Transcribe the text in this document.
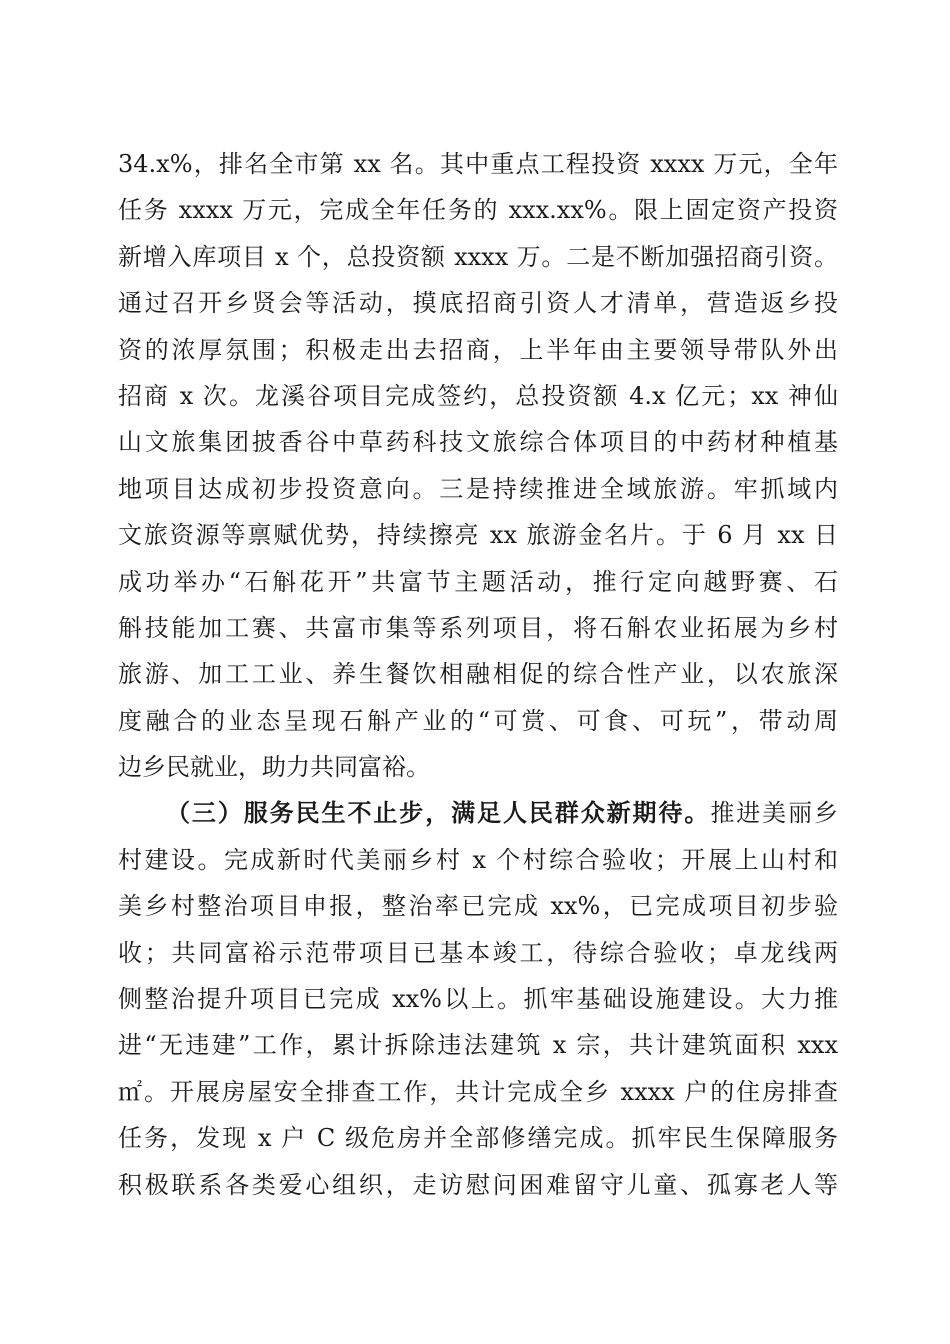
34.x%，排名全市第 xx 名。其中重点工程投资 xxxx 万元，全年
任务 xxxx 万元，完成全年任务的 xxx.xx%。限上固定资产投资
新增入库项目 x 个，总投资额 xxxx 万。二是不断加强招商引资。
通过召开乡贤会等活动，摸底招商引资人才清单，营造返乡投
资的浓厚氛围；积极走出去招商，上半年由主要领导带队外出
招商 x 次。龙溪谷项目完成签约，总投资额 4.x 亿元；xx 神仙
山文旅集团披香谷中草药科技文旅综合体项目的中药材种植基
地项目达成初步投资意向。三是持续推进全域旅游。牢抓域内
文旅资源等禀赋优势，持续擦亮 xx 旅游金名片。于 6 月 xx 日
成功举办“石斛花开”共富节主题活动，推行定向越野赛、石
斛技能加工赛、共富市集等系列项目，将石斛农业拓展为乡村
旅游、加工工业、养生餐饮相融相促的综合性产业，以农旅深
度融合的业态呈现石斛产业的“可赏、可食、可玩”，带动周
边乡民就业，助力共同富裕。
（三）服务民生不止步，满足人民群众新期待。推进美丽乡
村建设。完成新时代美丽乡村 x 个村综合验收；开展上山村和
美乡村整治项目申报，整治率已完成 xx%，已完成项目初步验
收；共同富裕示范带项目已基本竣工，待综合验收；卓龙线两
侧整治提升项目已完成 xx%以上。抓牢基础设施建设。大力推
进“无违建”工作，累计拆除违法建筑 x 宗，共计建筑面积 xxx
㎡。开展房屋安全排查工作，共计完成全乡 xxxx 户的住房排查
任务，发现 x 户 C 级危房并全部修缮完成。抓牢民生保障服务
积极联系各类爱心组织，走访慰问困难留守儿童、孤寡老人等
